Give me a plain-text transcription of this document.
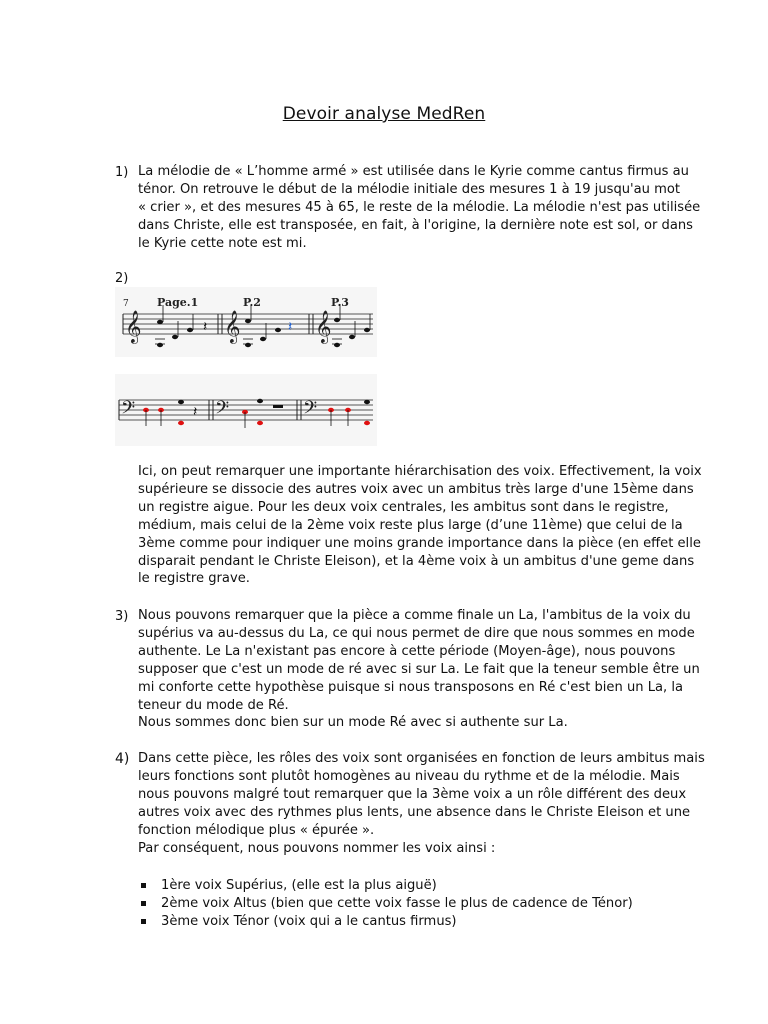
Devoir analyse MedRen
1) La mélodie de « L’homme armé » est utilisée dans le Kyrie comme cantus firmus au
ténor. On retrouve le début de la mélodie initiale des mesures 1 à 19 jusqu'au mot
« crier », et des mesures 45 à 65, le reste de la mélodie. La mélodie n'est pas utilisée
dans Christe, elle est transposée, en fait, à l'origine, la dernière note est sol, or dans
le Kyrie cette note est mi.
2)
7	Page.1	P.2	P.3
𝄞	𝄞	𝄞
𝄽	𝄽
𝄢	𝄢	𝄢
𝄽
Ici, on peut remarquer une importante hiérarchisation des voix. Effectivement, la voix
supérieure se dissocie des autres voix avec un ambitus très large d'une 15ème dans
un registre aigue. Pour les deux voix centrales, les ambitus sont dans le registre,
médium, mais celui de la 2ème voix reste plus large (d’une 11ème) que celui de la
3ème comme pour indiquer une moins grande importance dans la pièce (en effet elle
disparait pendant le Christe Eleison), et la 4ème voix à un ambitus d'une geme dans
le registre grave.
3) Nous pouvons remarquer que la pièce a comme finale un La, l'ambitus de la voix du
supérius va au-dessus du La, ce qui nous permet de dire que nous sommes en mode
authente. Le La n'existant pas encore à cette période (Moyen-âge), nous pouvons
supposer que c'est un mode de ré avec si sur La. Le fait que la teneur semble être un
mi conforte cette hypothèse puisque si nous transposons en Ré c'est bien un La, la
teneur du mode de Ré.
Nous sommes donc bien sur un mode Ré avec si authente sur La.
4) Dans cette pièce, les rôles des voix sont organisées en fonction de leurs ambitus mais
leurs fonctions sont plutôt homogènes au niveau du rythme et de la mélodie. Mais
nous pouvons malgré tout remarquer que la 3ème voix a un rôle différent des deux
autres voix avec des rythmes plus lents, une absence dans le Christe Eleison et une
fonction mélodique plus « épurée ».
Par conséquent, nous pouvons nommer les voix ainsi :
1ère voix Supérius, (elle est la plus aiguë)
2ème voix Altus (bien que cette voix fasse le plus de cadence de Ténor)
3ème voix Ténor (voix qui a le cantus firmus)
